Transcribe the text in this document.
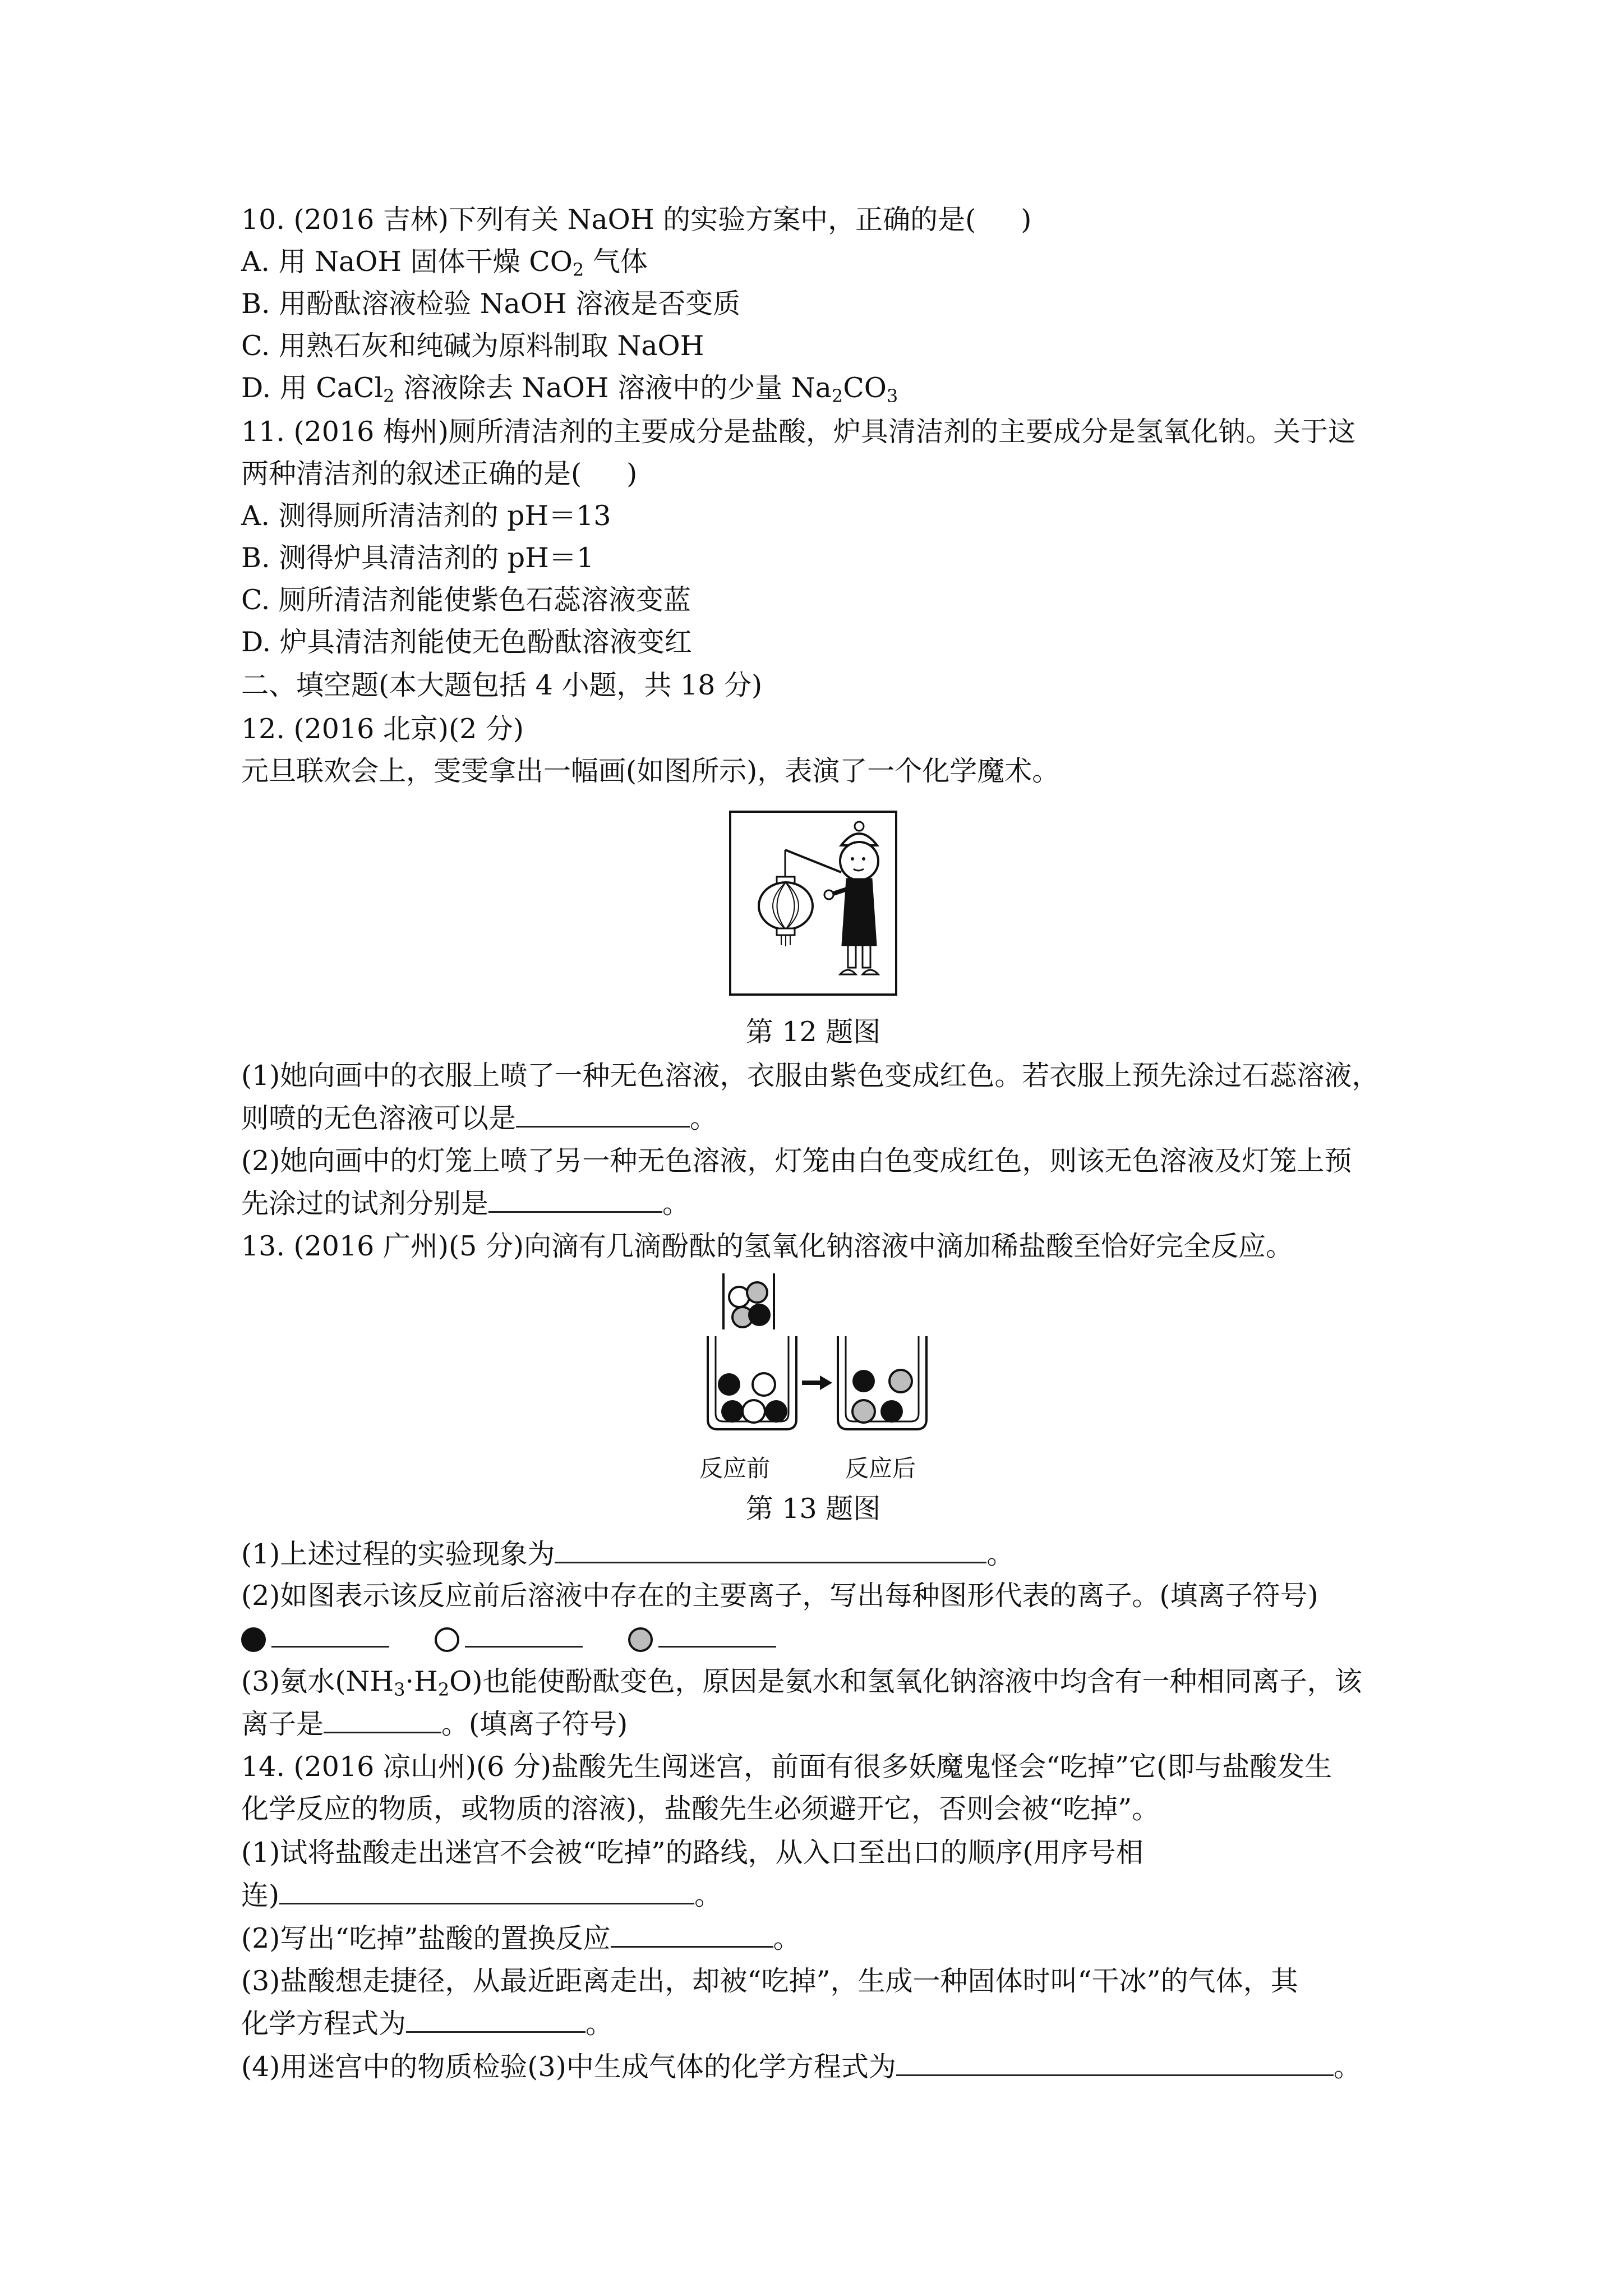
10. (2016 吉林)下列有关 NaOH 的实验方案中，正确的是( )
A. 用 NaOH 固体干燥 $CO_2$ 气体
B. 用酚酞溶液检验 NaOH 溶液是否变质
C. 用熟石灰和纯碱为原料制取 NaOH
D. 用 CaCl$_2$ 溶液除去 NaOH 溶液中的少量 $Na_2CO_3$
11. (2016 梅州)厕所清洁剂的主要成分是盐酸，炉具清洁剂的主要成分是氢氧化钠。关于这
两种清洁剂的叙述正确的是( )
A. 测得厕所清洁剂的 pH＝13
B. 测得炉具清洁剂的 pH＝1
C. 厕所清洁剂能使紫色石蕊溶液变蓝
D. 炉具清洁剂能使无色酚酞溶液变红
二、填空题(本大题包括 4 小题，共 18 分)
12. (2016 北京)(2 分)
元旦联欢会上，雯雯拿出一幅画(如图所示)，表演了一个化学魔术。
第 12 题图
(1)她向画中的衣服上喷了一种无色溶液，衣服由紫色变成红色。若衣服上预先涂过石蕊溶液，
则喷的无色溶液可以是	。
(2)她向画中的灯笼上喷了另一种无色溶液，灯笼由白色变成红色，则该无色溶液及灯笼上预
先涂过的试剂分别是	。
13. (2016 广州)(5 分)向滴有几滴酚酞的氢氧化钠溶液中滴加稀盐酸至恰好完全反应。
反应前	反应后
第 13 题图
(1)上述过程的实验现象为	。
(2)如图表示该反应前后溶液中存在的主要离子，写出每种图形代表的离子。(填离子符号)

(3)氨水$(NH_3\cdot H_2O)$也能使酚酞变色，原因是氨水和氢氧化钠溶液中均含有一种相同离子，该
离子是	。(填离子符号)
14. (2016 凉山州)(6 分)盐酸先生闯迷宫，前面有很多妖魔鬼怪会“吃掉”它(即与盐酸发生
化学反应的物质，或物质的溶液)，盐酸先生必须避开它，否则会被“吃掉”。
(1)试将盐酸走出迷宫不会被“吃掉”的路线，从入口至出口的顺序(用序号相
连)	。
(2)写出“吃掉”盐酸的置换反应	。
(3)盐酸想走捷径，从最近距离走出，却被“吃掉”，生成一种固体时叫“干冰”的气体，其
化学方程式为	。
(4)用迷宫中的物质检验(3)中生成气体的化学方程式为	。
